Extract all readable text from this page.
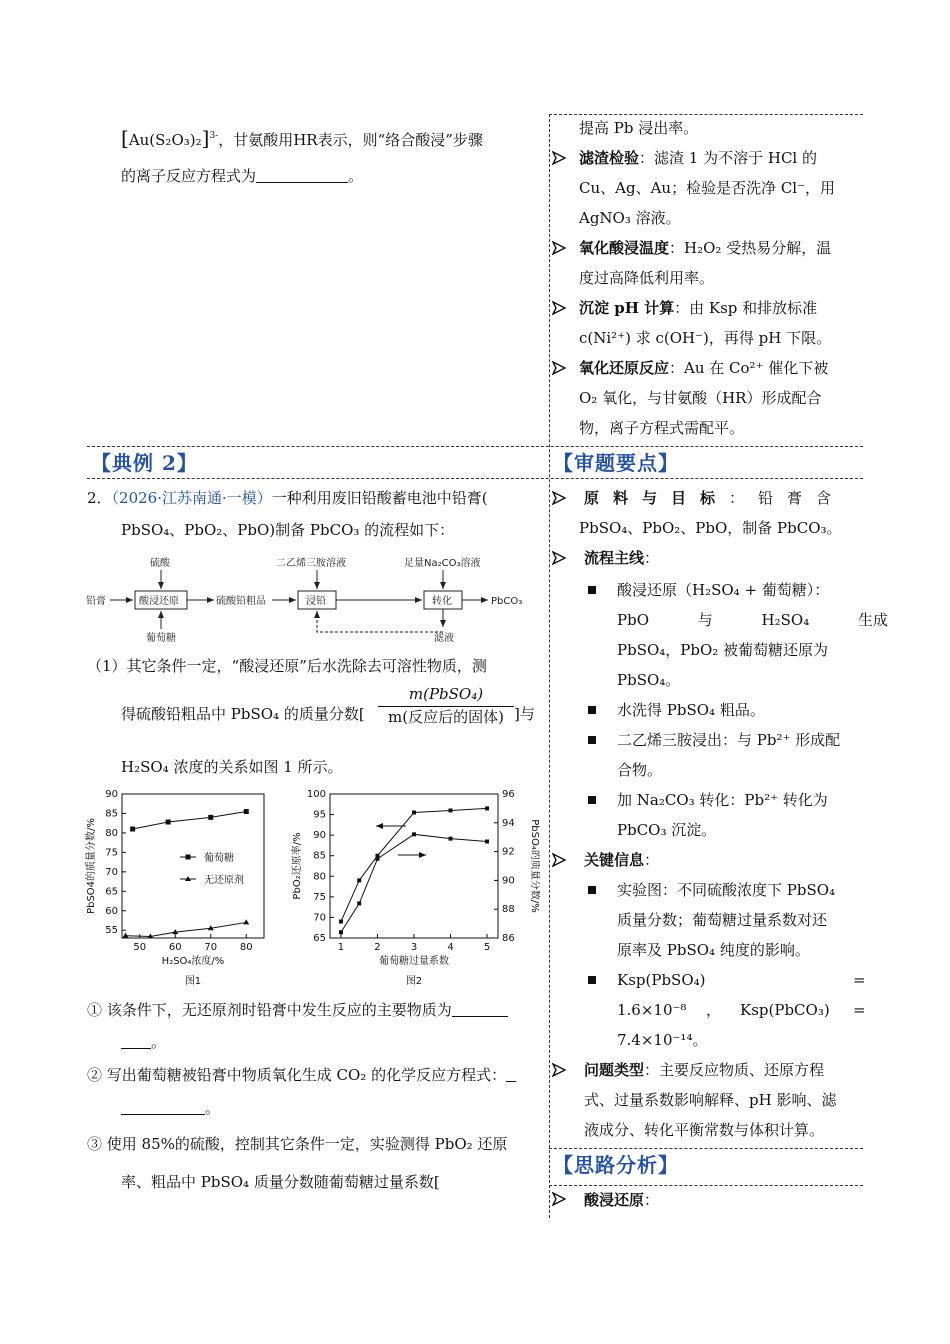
$[Au(S_2O_3)_2]^{3-}$，甘氨酸用HR表示，则“络合酸浸”步骤
的离子反应方程式为	。
提高 Pb 浸出率。
滤渣检验：滤渣 1 为不溶于 HCl 的
Cu、Ag、Au；检验是否洗净 Cl⁻，用
AgNO₃ 溶液。
氧化酸浸温度：H₂O₂ 受热易分解，温
度过高降低利用率。
沉淀 pH 计算：由 Ksp 和排放标准
c(Ni²⁺) 求 c(OH⁻)，再得 pH 下限。
氧化还原反应：Au 在 Co²⁺ 催化下被
O₂ 氧化，与甘氨酸（HR）形成配合
物，离子方程式需配平。
【典例 2】	【审题要点】
【思路分析】
2．（2026·江苏南通·一模）一种利用废旧铅酸蓄电池中铅膏(
PbSO₄、PbO₂、PbO)制备 PbCO₃ 的流程如下：
铅膏	酸浸还原
硫酸
葡萄糖
硫酸铅粗品	浸铅
二乙烯三胺溶液
转化
足量Na₂CO₃溶液
PbCO₃
滤液
（1）其它条件一定，“酸浸还原”后水洗除去可溶性物质，测
得硫酸铅粗品中 PbSO₄ 的质量分数[
m(PbSO₄)
m(反应后的固体) ]与
H₂SO₄ 浓度的关系如图 1 所示。
55
60
65
70
75
80
85
90
50 60 70 80
H₂SO₄浓度/%
PbSO4的质量分数/%
图1
葡萄糖
无还原剂
65
70
75
80
85
90
95
100
86
88
90
92
94
96
1	2	3	4	5
葡萄糖过量系数
PbO₂还原率/%	PbSO₄的质量分数/%
图2
① 该条件下，无还原剂时铅膏中发生反应的主要物质为
。
② 写出葡萄糖被铅膏中物质氧化生成 CO₂ 的化学反应方程式：
。
③ 使用 85%的硫酸，控制其它条件一定，实验测得 PbO₂ 还原
率、粗品中 PbSO₄ 质量分数随葡萄糖过量系数[
原料与目标：铅膏含
PbSO₄、PbO₂、PbO，制备 PbCO₃。
流程主线：
酸浸还原（H₂SO₄ + 葡萄糖）：
PbO 与 H₂SO₄ 生成
PbSO₄，PbO₂ 被葡萄糖还原为
PbSO₄。
水洗得 PbSO₄ 粗品。
二乙烯三胺浸出：与 Pb²⁺ 形成配
合物。
加 Na₂CO₃ 转化：Pb²⁺ 转化为
PbCO₃ 沉淀。
关键信息：
实验图：不同硫酸浓度下 PbSO₄
质量分数；葡萄糖过量系数对还
原率及 PbSO₄ 纯度的影响。
Ksp(PbSO₄)	=
1.6×10⁻⁸ ， Ksp(PbCO₃) =
7.4×10⁻¹⁴。
问题类型：主要反应物质、还原方程
式、过量系数影响解释、pH 影响、滤
液成分、转化平衡常数与体积计算。
酸浸还原：
